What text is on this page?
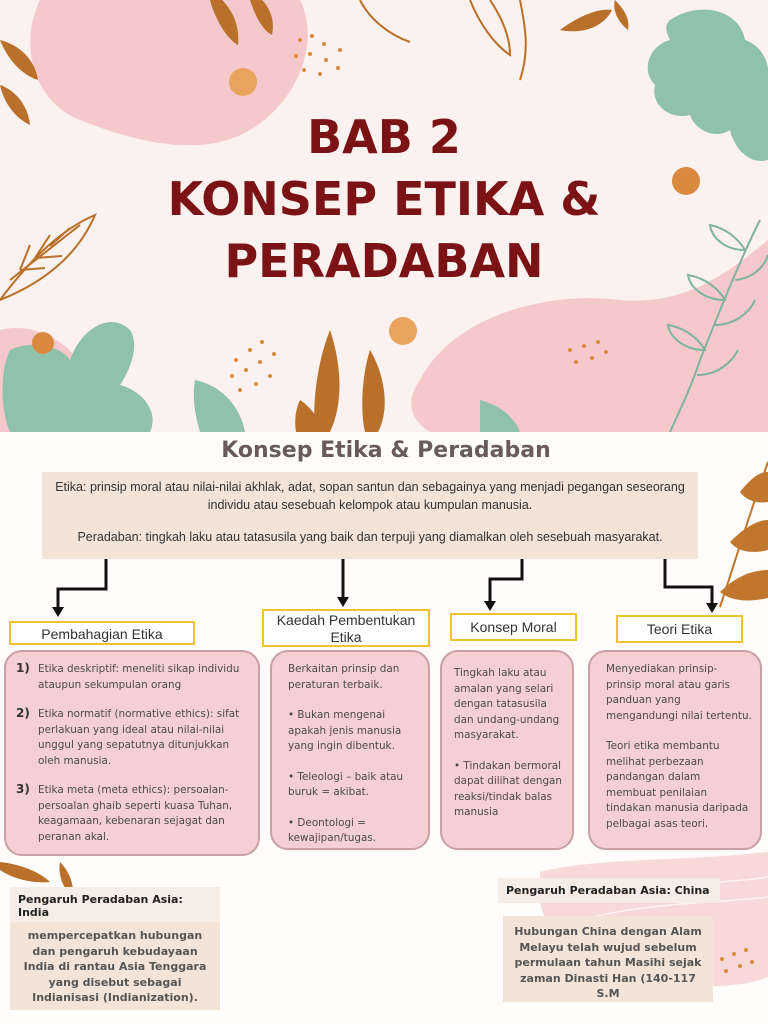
BAB 2
KONSEP ETIKA &
PERADABAN
Konsep Etika & Peradaban

Etika: prinsip moral atau nilai-nilai akhlak, adat, sopan santun dan sebagainya yang menjadi pegangan seseorang individu atau sesebuah kelompok atau kumpulan manusia.

Peradaban: tingkah laku atau tatasusila yang baik dan terpuji yang diamalkan oleh sesebuah masyarakat.

Pembahagian Etika
Kaedah Pembentukan Etika
Konsep Moral	Teori Etika
1) Etika deskriptif: meneliti sikap individu ataupun sekumpulan orang
2) Etika normatif (normative ethics): sifat perlakuan yang ideal atau nilai-nilai unggul yang sepatutnya ditunjukkan oleh manusia.
3) Etika meta (meta ethics): persoalan-persoalan ghaib seperti kuasa Tuhan, keagamaan, kebenaran sejagat dan peranan akal.
Berkaitan prinsip dan peraturan terbaik.
• Bukan mengenai apakah jenis manusia yang ingin dibentuk.
• Teleologi – baik atau buruk = akibat.
• Deontologi = kewajipan/tugas.
Tingkah laku atau amalan yang selari dengan tatasusila dan undang-undang masyarakat.
• Tindakan bermoral dapat dilihat dengan reaksi/tindak balas manusia
Menyediakan prinsip-prinsip moral atau garis panduan yang mengandungi nilai tertentu.
Teori etika membantu melihat perbezaan pandangan dalam membuat penilaian tindakan manusia daripada pelbagai asas teori.
Pengaruh Peradaban Asia: India
mempercepatkan hubungan dan pengaruh kebudayaan India di rantau Asia Tenggara yang disebut sebagai Indianisasi (Indianization).
Pengaruh Peradaban Asia: China
Hubungan China dengan Alam Melayu telah wujud sebelum permulaan tahun Masihi sejak zaman Dinasti Han (140-117 S.M
